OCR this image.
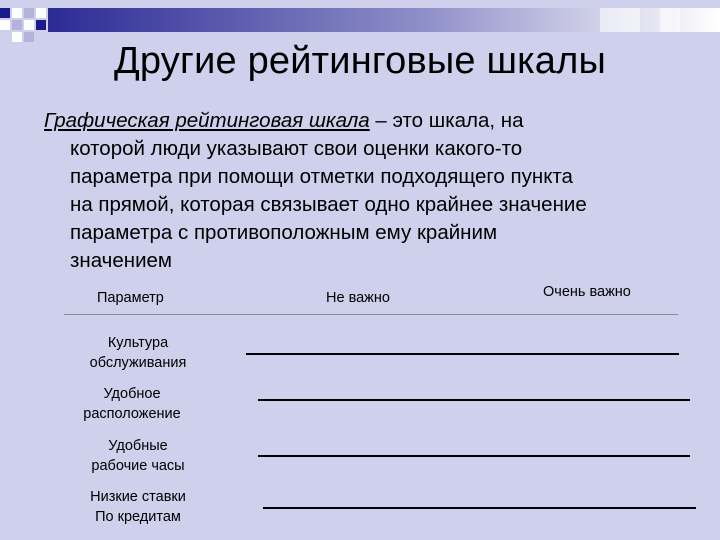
Другие рейтинговые шкалы
Графическая рейтинговая шкала – это шкала, на
которой люди указывают свои оценки какого-то
параметра при помощи отметки подходящего пункта
на прямой, которая связывает одно крайнее значение
параметра с противоположным ему крайним
значением
Параметр	Не важно	Очень важно
Культура
обслуживания
Удобное
расположение
Удобные
рабочие часы
Низкие ставки
По кредитам
